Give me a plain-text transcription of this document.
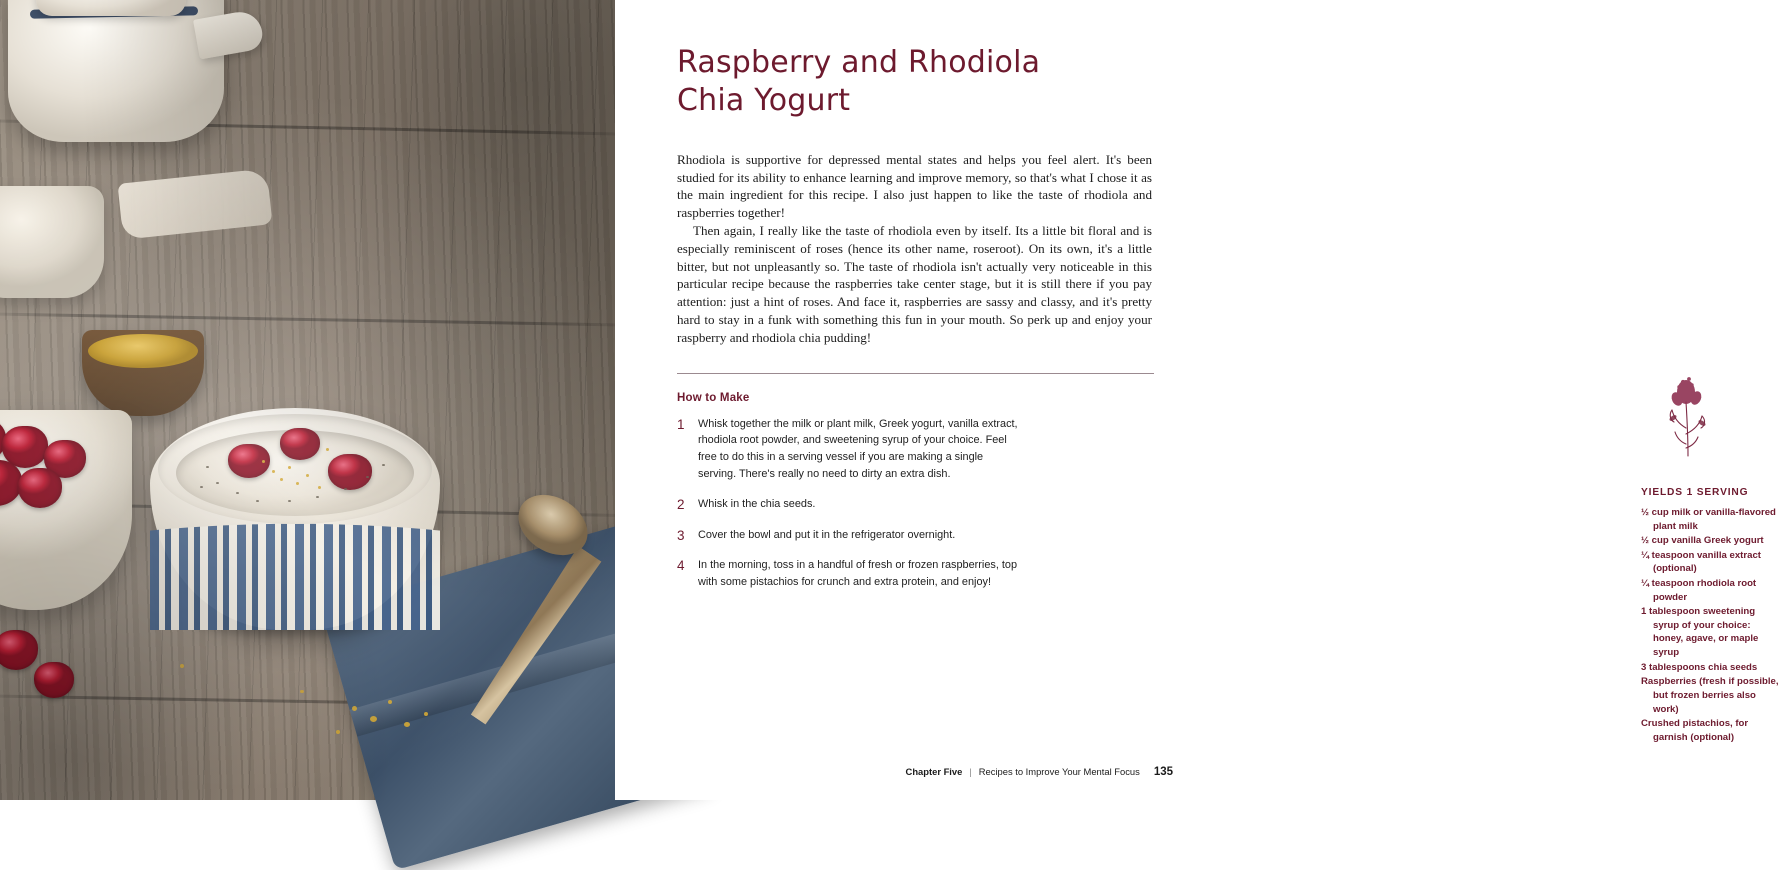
Raspberry and Rhodiola Chia Yogurt

Rhodiola is supportive for depressed mental states and helps you feel alert. It's been studied for its ability to enhance learning and improve memory, so that's what I chose it as the main ingredient for this recipe. I also just happen to like the taste of rhodiola and raspberries together!

Then again, I really like the taste of rhodiola even by itself. Its a little bit floral and is especially reminiscent of roses (hence its other name, roseroot). On its own, it's a little bitter, but not unpleasantly so. The taste of rhodiola isn't actually very noticeable in this particular recipe because the raspberries take center stage, but it is still there if you pay attention: just a hint of roses. And face it, raspberries are sassy and classy, and it's pretty hard to stay in a funk with something this fun in your mouth. So perk up and enjoy your raspberry and rhodiola chia pudding!

How to Make
1 Whisk together the milk or plant milk, Greek yogurt, vanilla extract, rhodiola root powder, and sweetening syrup of your choice. Feel free to do this in a serving vessel if you are making a single serving. There's really no need to dirty an extra dish.
2 Whisk in the chia seeds.
3 Cover the bowl and put it in the refrigerator overnight.
4 In the morning, toss in a handful of fresh or frozen raspberries, top with some pistachios for crunch and extra protein, and enjoy!
YIELDS 1 SERVING
½ cup milk or vanilla-flavored plant milk
½ cup vanilla Greek yogurt
¼ teaspoon vanilla extract (optional)
¼ teaspoon rhodiola root powder
1 tablespoon sweetening syrup of your choice: honey, agave, or maple syrup
3 tablespoons chia seeds
Raspberries (fresh if possible, but frozen berries also work)
Crushed pistachios, for garnish (optional)
Chapter Five | Recipes to Improve Your Mental Focus 135
